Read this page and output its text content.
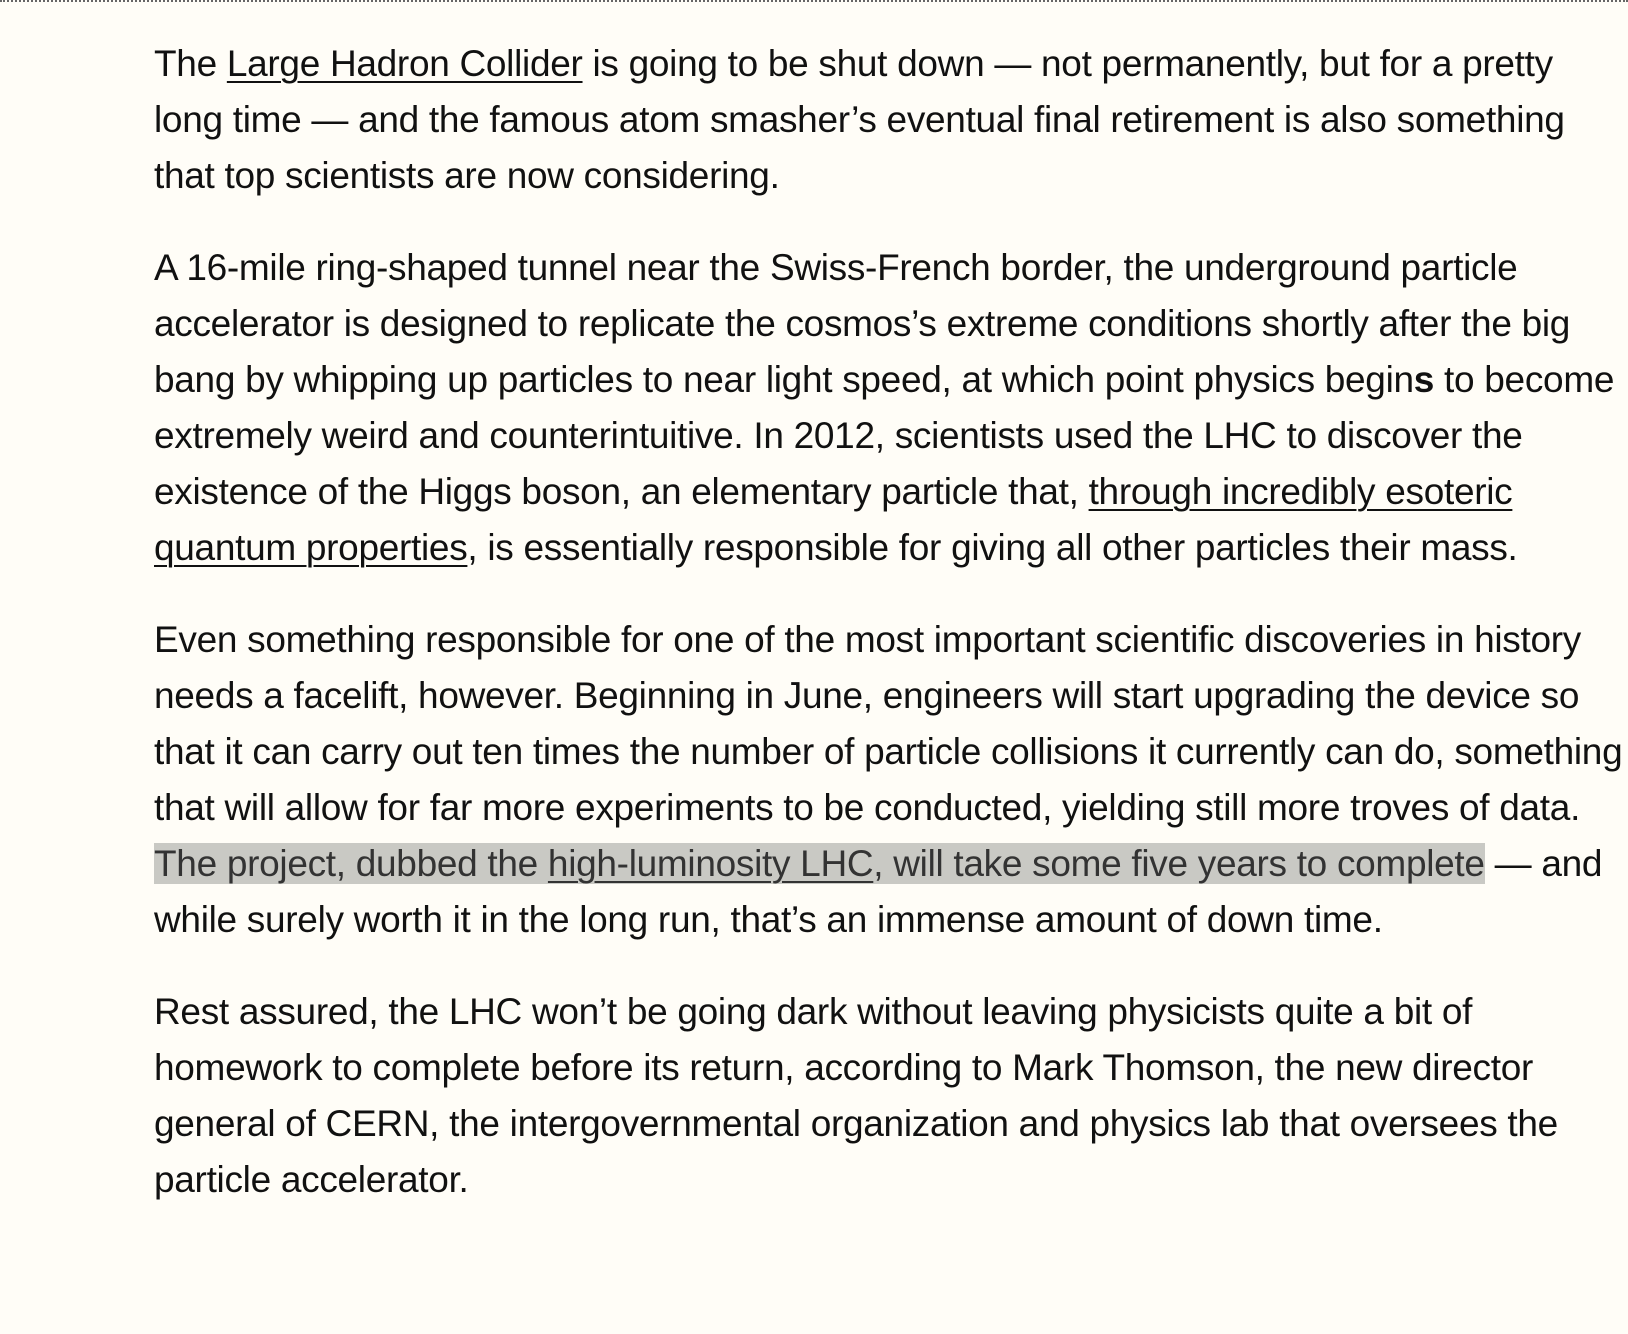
The Large Hadron Collider is going to be shut down — not permanently, but for a pretty long time — and the famous atom smasher’s eventual final retirement is also something that top scientists are now considering.

A 16-mile ring-shaped tunnel near the Swiss-French border, the underground particle accelerator is designed to replicate the cosmos’s extreme conditions shortly after the big bang by whipping up particles to near light speed, at which point physics begins to become extremely weird and counterintuitive. In 2012, scientists used the LHC to discover the existence of the Higgs boson, an elementary particle that, through incredibly esoteric quantum properties, is essentially responsible for giving all other particles their mass.

Even something responsible for one of the most important scientific discoveries in history needs a facelift, however. Beginning in June, engineers will start upgrading the device so that it can carry out ten times the number of particle collisions it currently can do, something that will allow for far more experiments to be conducted, yielding still more troves of data. The project, dubbed the high-luminosity LHC, will take some five years to complete — and while surely worth it in the long run, that’s an immense amount of down time.

Rest assured, the LHC won’t be going dark without leaving physicists quite a bit of homework to complete before its return, according to Mark Thomson, the new director general of CERN, the intergovernmental organization and physics lab that oversees the particle accelerator.
